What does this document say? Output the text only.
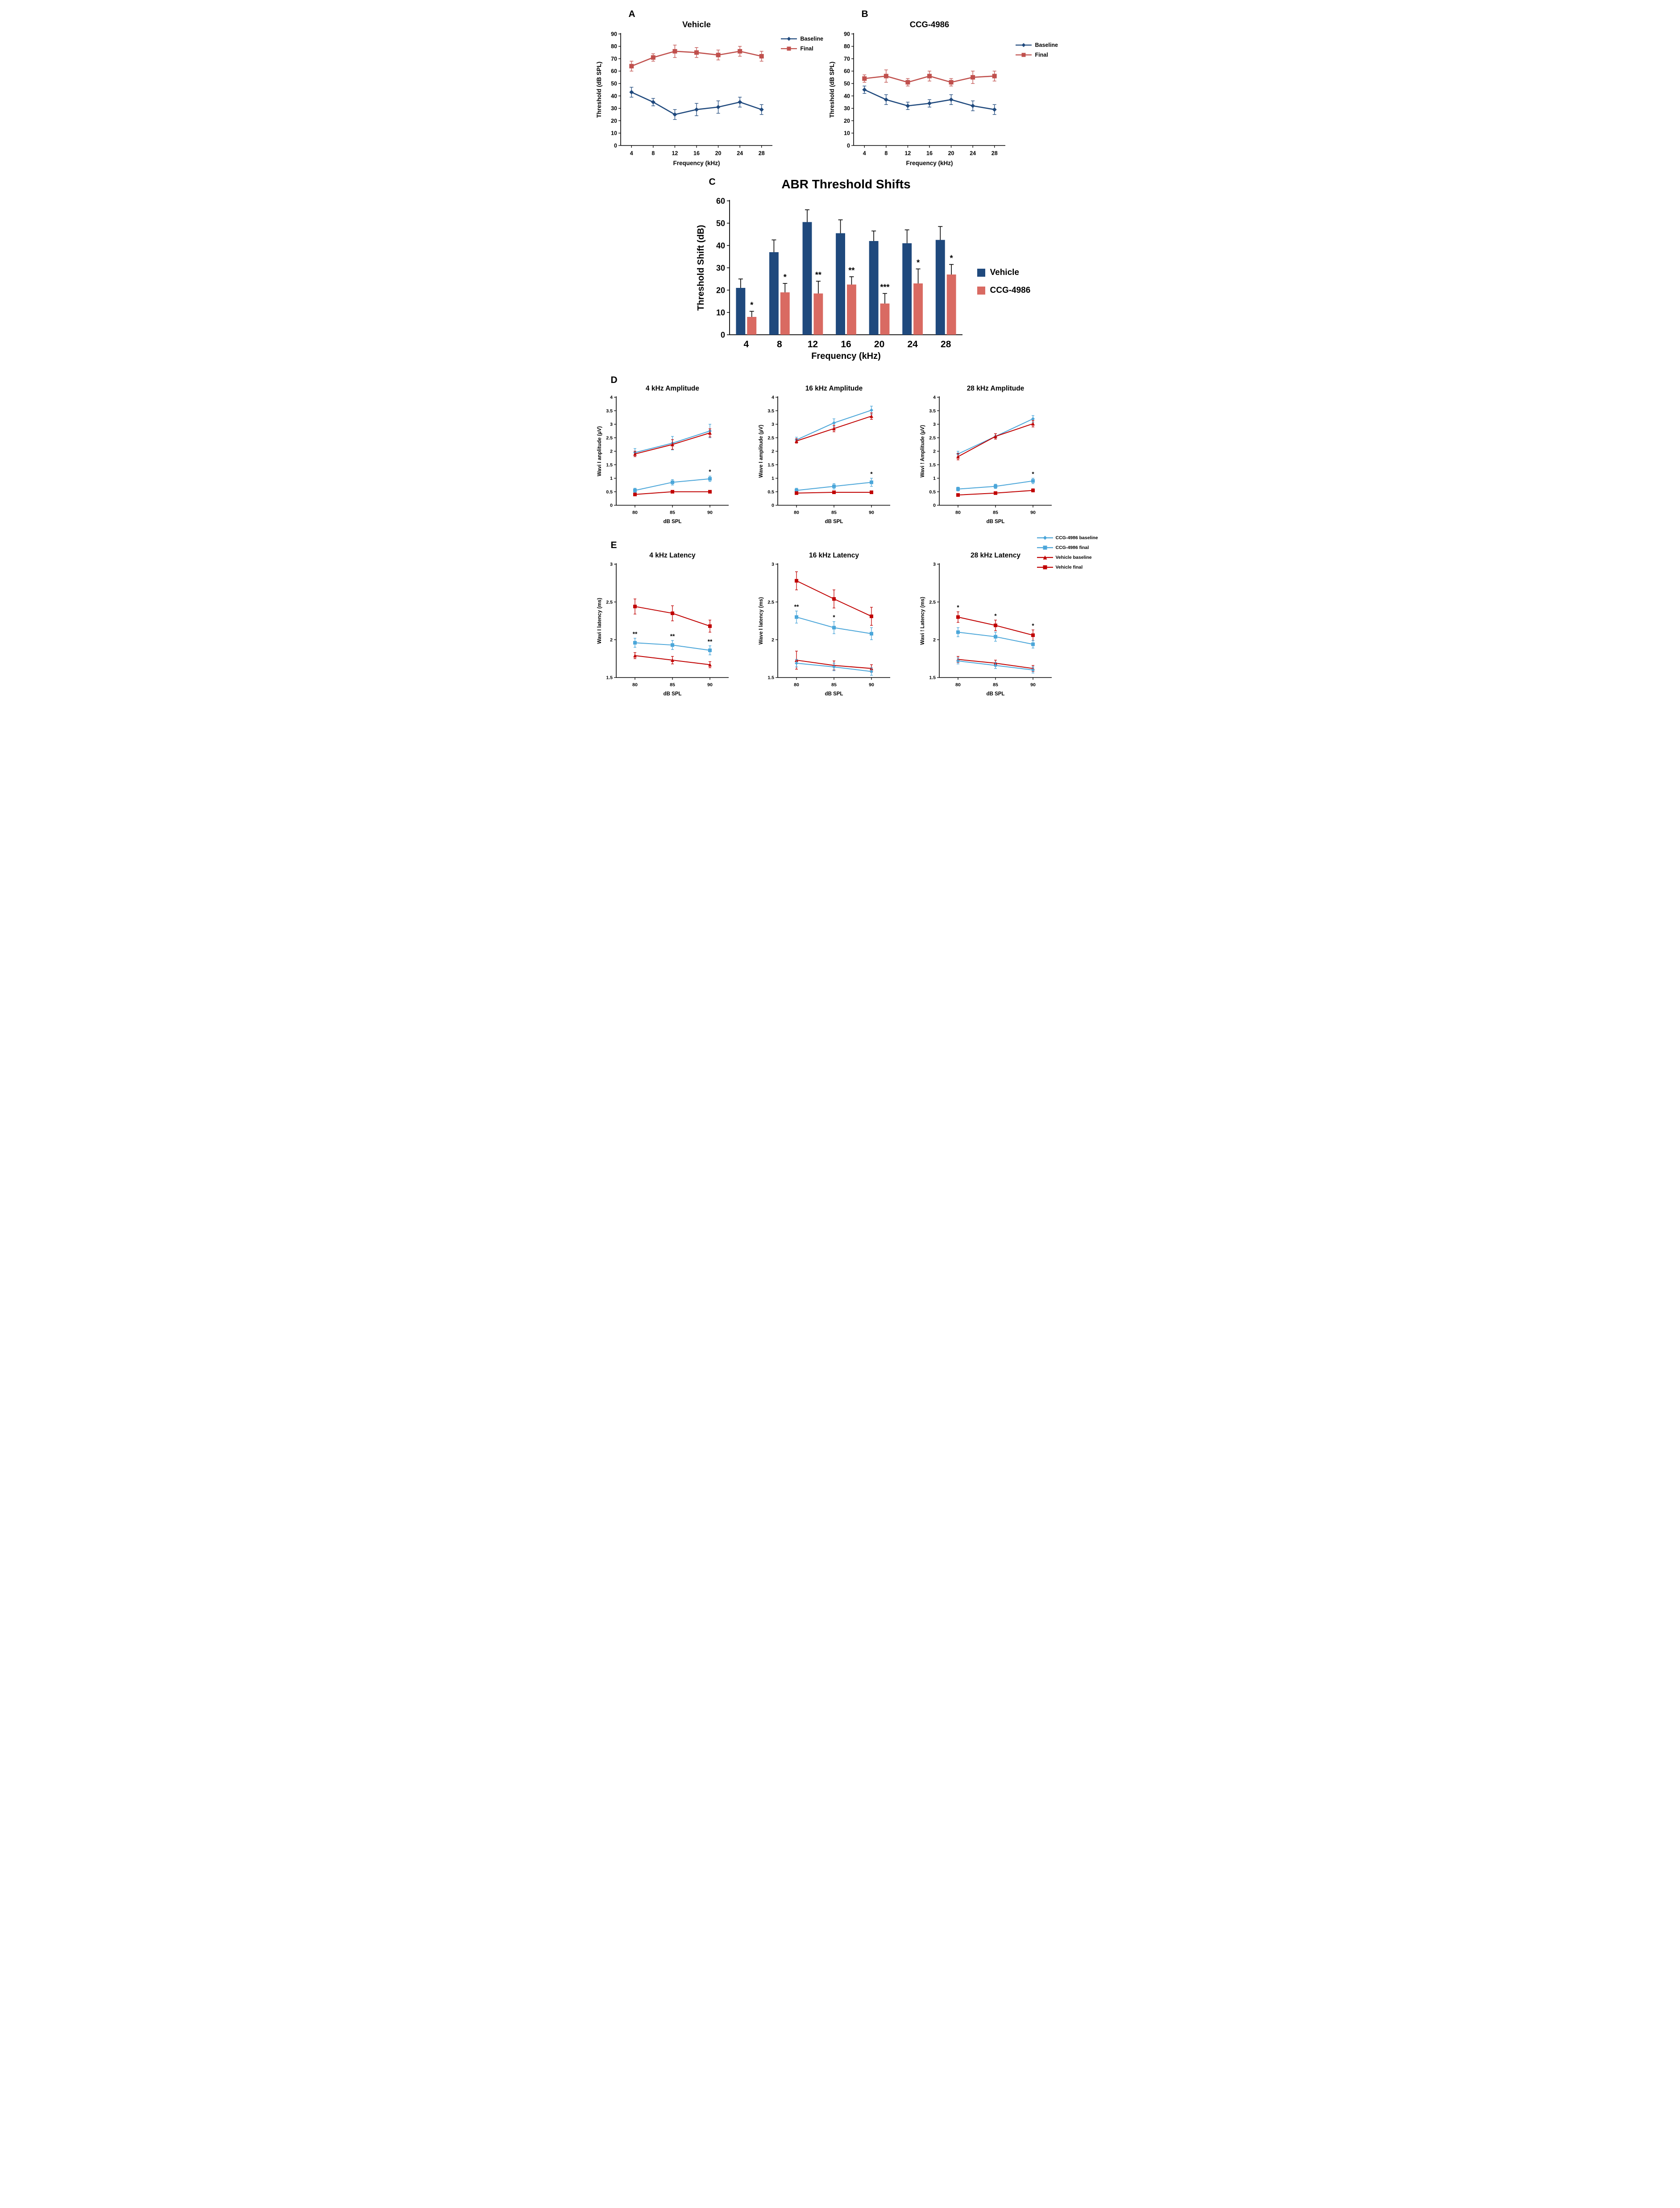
A	B
C
D
E
0
10
20
30
40
50
60
70
80
90
4	8	12	16	20	24	28
Vehicle
Frequency (kHz)
Threshold (dB SPL)
Baseline
Final
0
10
20
30
40
50
60
70
80
90
4	8	12	16	20	24	28
CCG-4986
Frequency (kHz)
Threshold (dB SPL)
Baseline
Final
0
10
20
30
40
50
60
4	8	12 16 20 24 28
*
*	**	**
***
*	*
ABR Threshold Shifts
Frequency (kHz)
Threshold Shift (dB)	Vehicle
CCG-4986
0
0.5
1
1.5
2
2.5
3
3.5
4
80	85	90
*
4 kHz Amplitude
dB SPL
Wavi I anplitude (µV)
0
0.5
1
1.5
2
2.5
3
3.5
4
80	85	90
*
16 kHz Amplitude
dB SPL
Wave I amplitude (µV)
0
0.5
1
1.5
2
2.5
3
3.5
4
80	85	90
*
28 kHz Amplitude
dB SPL
Wavi ! Amplitude (µV)
CCG-4986 baseline
CCG-4986 final
Vehicle baseline
Vehicle final
1.5
2
2.5
3
80	85	90
**	**
**
4 kHz Latency
dB SPL
Wavi I latency (ms)
1.5
2
2.5
3
80	85	90
**
*
16 kHz Latency
dB SPL
Wave I latency (ms)
1.5
2
2.5
3
80	85	90
*
*
*
28 kHz Latency
dB SPL
Wavi ! Latency (ms)
